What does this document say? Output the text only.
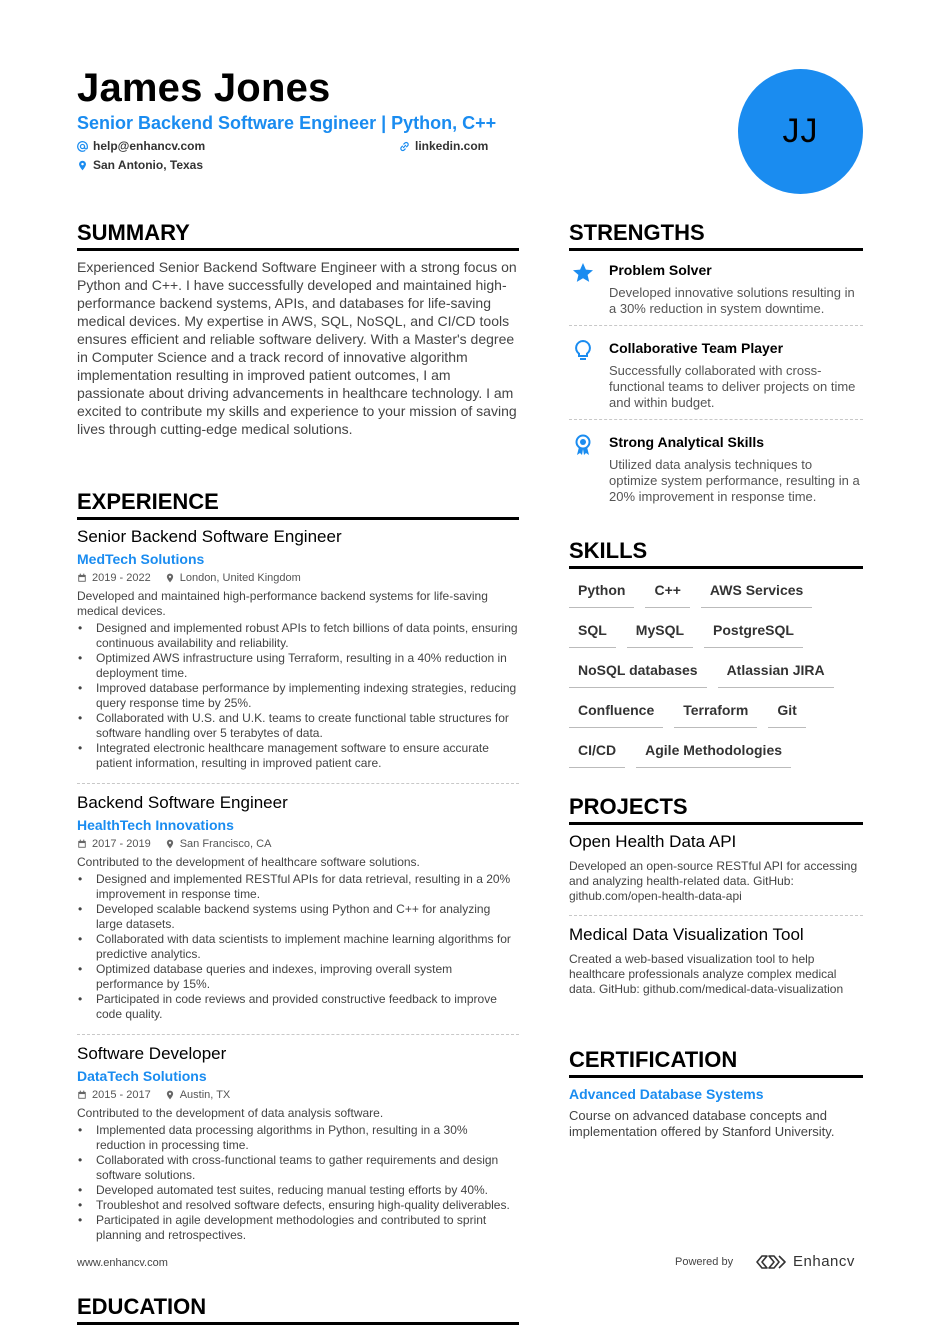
James Jones
Senior Backend Software Engineer | Python, C++
help@enhancv.com	linkedin.com
San Antonio, Texas
JJ
SUMMARY

Experienced Senior Backend Software Engineer with a strong focus on Python and C++. I have successfully developed and maintained high-performance backend systems, APIs, and databases for life-saving medical devices. My expertise in AWS, SQL, NoSQL, and CI/CD tools ensures efficient and reliable software delivery. With a Master's degree in Computer Science and a track record of innovative algorithm implementation resulting in improved patient outcomes, I am passionate about driving advancements in healthcare technology. I am excited to contribute my skills and experience to your mission of saving lives through cutting-edge medical solutions.

EXPERIENCE
Senior Backend Software Engineer
MedTech Solutions
2019 - 2022	London, United Kingdom
Developed and maintained high-performance backend systems for life-saving medical devices.
• Designed and implemented robust APIs to fetch billions of data points, ensuring continuous availability and reliability.
• Optimized AWS infrastructure using Terraform, resulting in a 40% reduction in deployment time.
• Improved database performance by implementing indexing strategies, reducing query response time by 25%.
• Collaborated with U.S. and U.K. teams to create functional table structures for software handling over 5 terabytes of data.
• Integrated electronic healthcare management software to ensure accurate patient information, resulting in improved patient care.
Backend Software Engineer
HealthTech Innovations
2017 - 2019	San Francisco, CA
Contributed to the development of healthcare software solutions.
• Designed and implemented RESTful APIs for data retrieval, resulting in a 20% improvement in response time.
• Developed scalable backend systems using Python and C++ for analyzing large datasets.
• Collaborated with data scientists to implement machine learning algorithms for predictive analytics.
• Optimized database queries and indexes, improving overall system performance by 15%.
• Participated in code reviews and provided constructive feedback to improve code quality.
Software Developer
DataTech Solutions
2015 - 2017	Austin, TX
Contributed to the development of data analysis software.
• Implemented data processing algorithms in Python, resulting in a 30% reduction in processing time.
• Collaborated with cross-functional teams to gather requirements and design software solutions.
• Developed automated test suites, reducing manual testing efforts by 40%.
• Troubleshot and resolved software defects, ensuring high-quality deliverables.
• Participated in agile development methodologies and contributed to sprint planning and retrospectives.
www.enhancv.com
EDUCATION
STRENGTHS
Problem Solver
Developed innovative solutions resulting in a 30% reduction in system downtime.
Collaborative Team Player
Successfully collaborated with cross-functional teams to deliver projects on time and within budget.
Strong Analytical Skills
Utilized data analysis techniques to optimize system performance, resulting in a 20% improvement in response time.
SKILLS
Python	C++	AWS Services
SQL	MySQL	PostgreSQL
NoSQL databases	Atlassian JIRA
Confluence	Terraform	Git
CI/CD	Agile Methodologies
PROJECTS
Open Health Data API
Developed an open-source RESTful API for accessing and analyzing health-related data. GitHub: github.com/open-health-data-api
Medical Data Visualization Tool
Created a web-based visualization tool to help healthcare professionals analyze complex medical data. GitHub: github.com/medical-data-visualization
CERTIFICATION
Advanced Database Systems
Course on advanced database concepts and implementation offered by Stanford University.
Powered by	Enhancv
